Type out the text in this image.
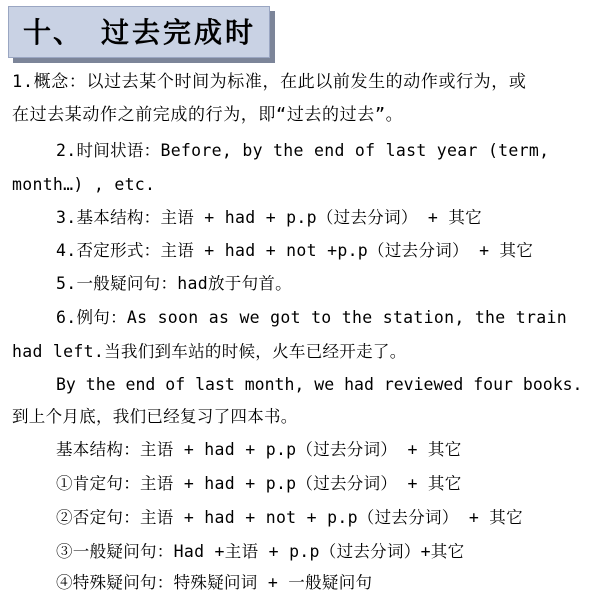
十、 过去完成时
1.概念：以过去某个时间为标准，在此以前发生的动作或行为，或
在过去某动作之前完成的行为，即“过去的过去”。
2.时间状语：Before, by the end of last year (term,
month…) , etc.
3.基本结构：主语 + had + p.p（过去分词） + 其它
4.否定形式：主语 + had + not +p.p（过去分词） + 其它
5.一般疑问句：had放于句首。
6.例句：As soon as we got to the station, the train
had left.当我们到车站的时候，火车已经开走了。
By the end of last month, we had reviewed four books.
到上个月底，我们已经复习了四本书。
基本结构：主语 + had + p.p（过去分词） + 其它
①肯定句：主语 + had + p.p（过去分词） + 其它
②否定句：主语 + had + not + p.p（过去分词） + 其它
③一般疑问句：Had +主语 + p.p（过去分词）+其它
④特殊疑问句：特殊疑问词 + 一般疑问句
